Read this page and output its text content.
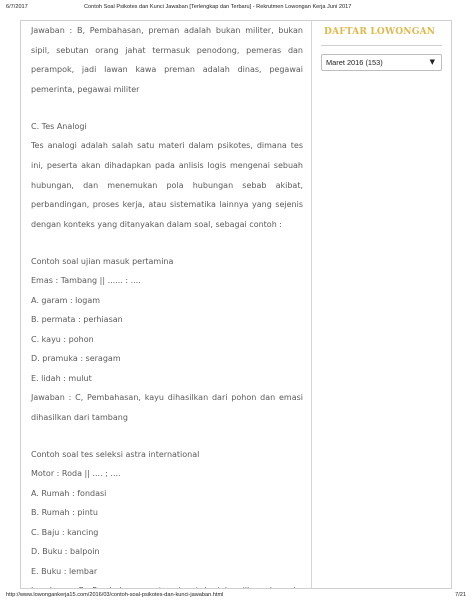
6/7/2017	Contoh Soal Psikotes dan Kunci Jawaban [Terlengkap dan Terbaru] - Rekrutmen Lowongan Kerja Juni 2017

Jawaban : B, Pembahasan, preman adalah bukan militer, bukan sipil, sebutan orang jahat termasuk penodong, pemeras dan perampok, jadi lawan kawa preman adalah dinas, pegawai pemerinta, pegawai militer

C. Tes Analogi

Tes analogi adalah salah satu materi dalam psikotes, dimana tes ini, peserta akan dihadapkan pada anlisis logis mengenai sebuah hubungan, dan menemukan pola hubungan sebab akibat, perbandingan, proses kerja, atau sistematika lainnya yang sejenis dengan konteks yang ditanyakan dalam soal, sebagai contoh :

Contoh soal ujian masuk pertamina

Emas : Tambang || ...... : ....

A. garam : logam

B. permata : perhiasan

C. kayu : pohon

D. pramuka : seragam

E. lidah : mulut

Jawaban : C, Pembahasan, kayu dihasilkan dari pohon dan emasi dihasilkan dari tambang

Contoh soal tes seleksi astra international

Motor : Roda || .... ; ....

A. Rumah : fondasi

B. Rumah : pintu

C. Baju : kancing

D. Buku : balpoin

E. Buku : lembar

DAFTAR LOWONGAN
Maret 2016 (153)	▼
http://www.lowongankerja15.com/2016/03/contoh-soal-psikotes-dan-kunci-jawaban.html	7/21
